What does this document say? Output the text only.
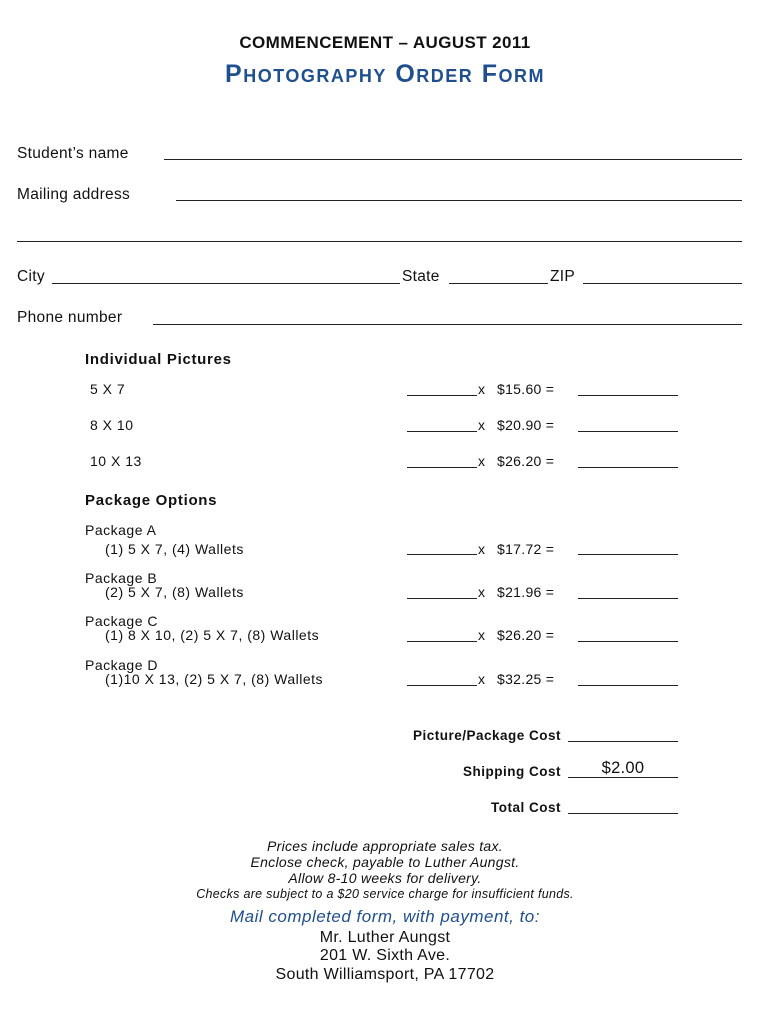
COMMENCEMENT – AUGUST 2011
Photography Order Form
Student’s name
Mailing address
City	State	ZIP
Phone number
Individual Pictures
5 X 7	x $15.60 =
8 X 10	x $20.90 =
10 X 13	x $26.20 =
Package Options
Package A
(1) 5 X 7, (4) Wallets	x $17.72 =
Package B
(2) 5 X 7, (8) Wallets	x $21.96 =
Package C
(1) 8 X 10, (2) 5 X 7, (8) Wallets	x $26.20 =
Package D
(1)10 X 13, (2) 5 X 7, (8) Wallets	x $32.25 =
Picture/Package Cost
Shipping Cost	$2.00
Total Cost
Prices include appropriate sales tax.
Enclose check, payable to Luther Aungst.
Allow 8-10 weeks for delivery.
Checks are subject to a $20 service charge for insufficient funds.
Mail completed form, with payment, to:
Mr. Luther Aungst
201 W. Sixth Ave.
South Williamsport, PA 17702
